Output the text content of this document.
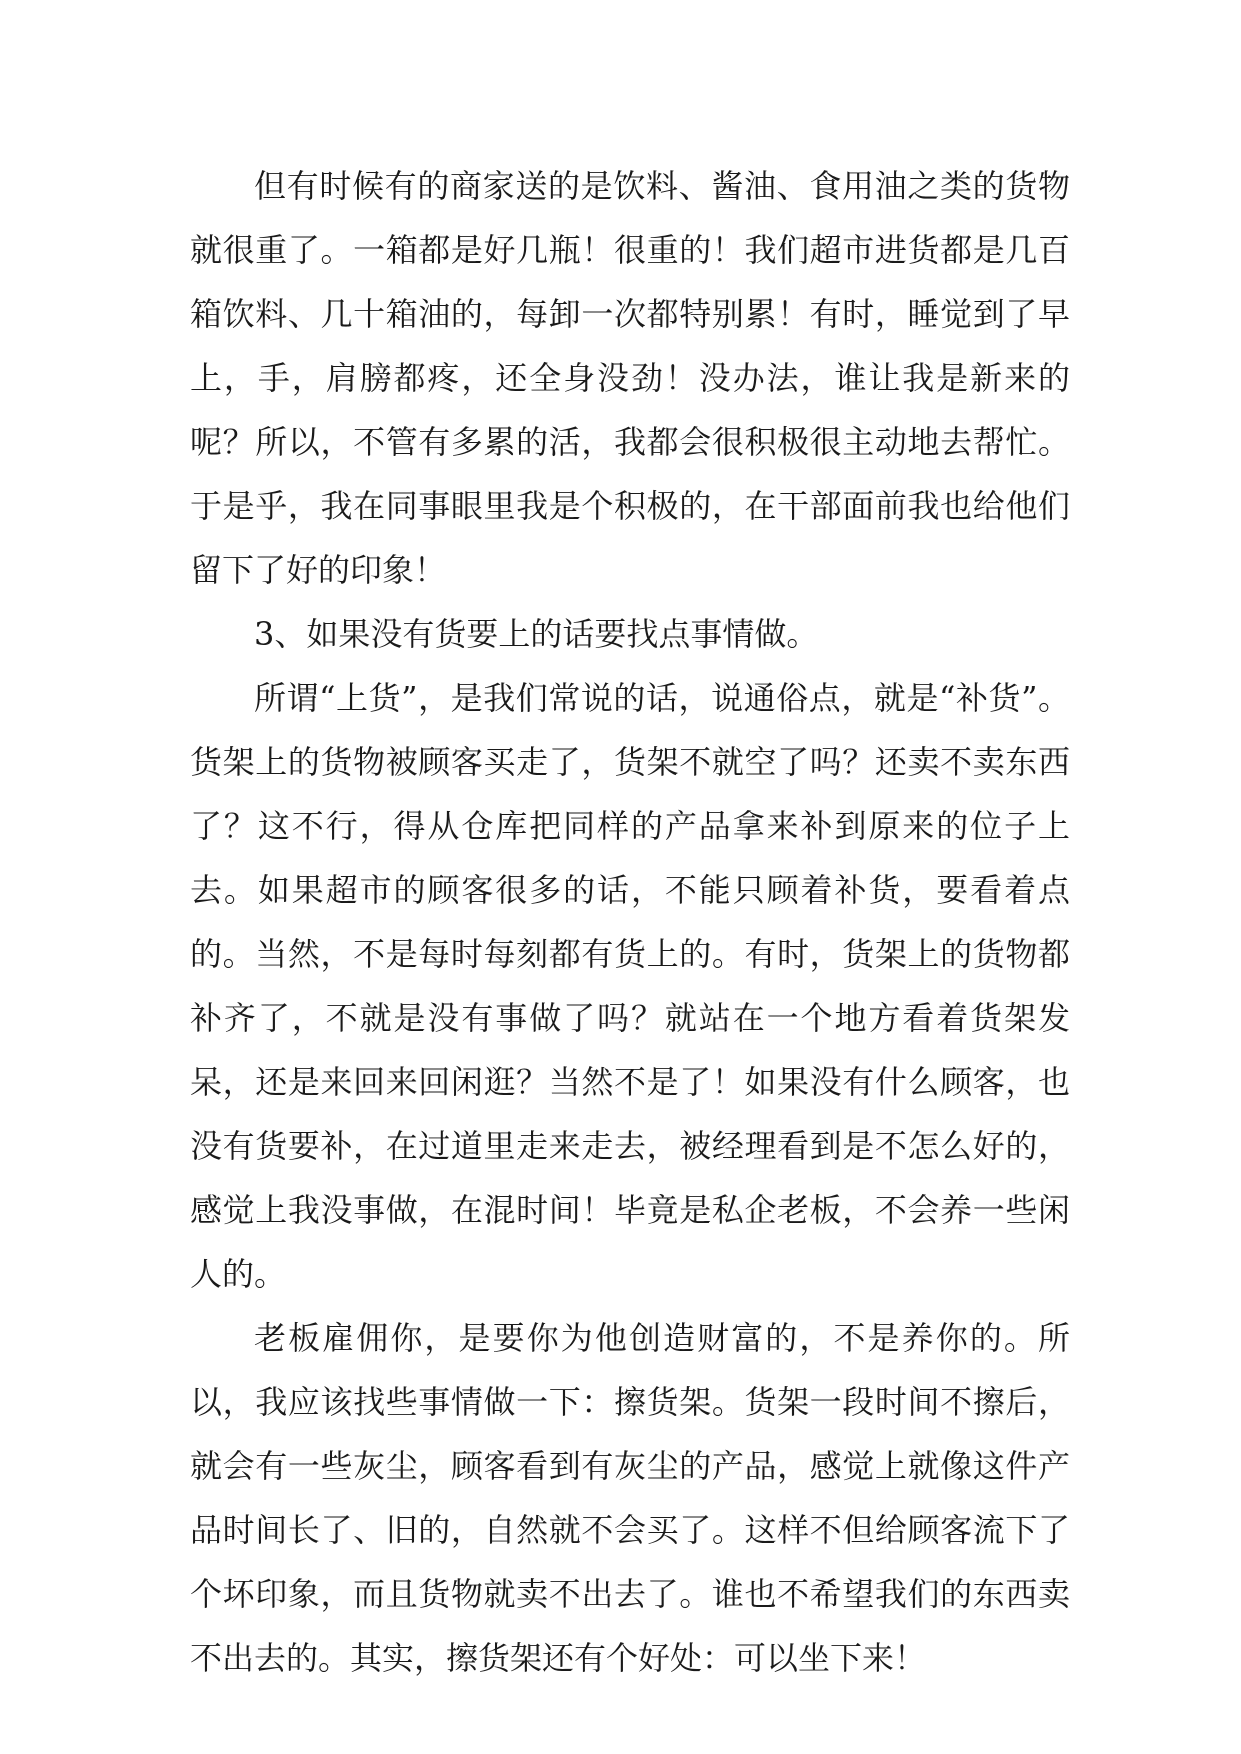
但有时候有的商家送的是饮料、酱油、食用油之类的货物就很重了。一箱都是好几瓶！很重的！我们超市进货都是几百箱饮料、几十箱油的，每卸一次都特别累！有时，睡觉到了早上，手，肩膀都疼，还全身没劲！没办法，谁让我是新来的呢？所以，不管有多累的活，我都会很积极很主动地去帮忙。于是乎，我在同事眼里我是个积极的，在干部面前我也给他们留下了好的印象！

3、如果没有货要上的话要找点事情做。

所谓“上货”，是我们常说的话，说通俗点，就是“补货”。货架上的货物被顾客买走了，货架不就空了吗？还卖不卖东西了？这不行，得从仓库把同样的产品拿来补到原来的位子上去。如果超市的顾客很多的话，不能只顾着补货，要看着点的。当然，不是每时每刻都有货上的。有时，货架上的货物都补齐了，不就是没有事做了吗？就站在一个地方看着货架发呆，还是来回来回闲逛？当然不是了！如果没有什么顾客，也没有货要补，在过道里走来走去，被经理看到是不怎么好的，感觉上我没事做，在混时间！毕竟是私企老板，不会养一些闲人的。

老板雇佣你，是要你为他创造财富的，不是养你的。所以，我应该找些事情做一下：擦货架。货架一段时间不擦后，就会有一些灰尘，顾客看到有灰尘的产品，感觉上就像这件产品时间长了、旧的，自然就不会买了。这样不但给顾客流下了个坏印象，而且货物就卖不出去了。谁也不希望我们的东西卖不出去的。其实，擦货架还有个好处：可以坐下来！
